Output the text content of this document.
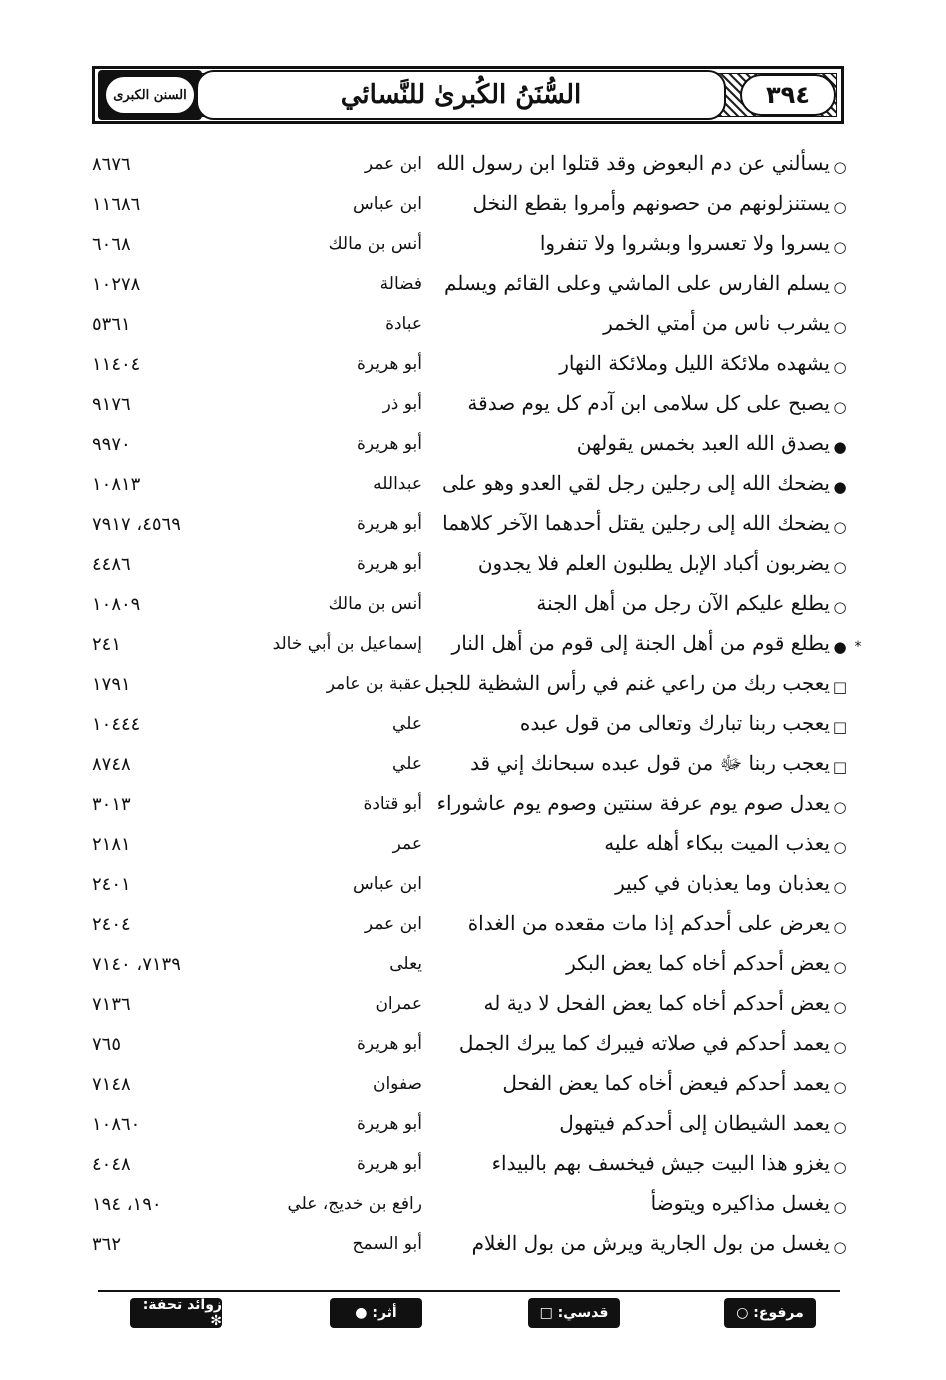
السنن الكبرى	السُّنَنُ الكُبرىٰ للنَّسائي	٣٩٤
○
يسألني عن دم البعوض وقد قتلوا ابن رسول الله
ابن عمر
٨٦٧٦
○
يستنزلونهم من حصونهم وأمروا بقطع النخل
ابن عباس
١١٦٨٦
○
يسروا ولا تعسروا وبشروا ولا تنفروا
أنس بن مالك
٦٠٦٨
○
يسلم الفارس على الماشي وعلى القائم ويسلم
فضالة
١٠٢٧٨
○
يشرب ناس من أمتي الخمر
عبادة
٥٣٦١
○
يشهده ملائكة الليل وملائكة النهار
أبو هريرة
١١٤٠٤
○
يصبح على كل سلامى ابن آدم كل يوم صدقة
أبو ذر
٩١٧٦
●
يصدق الله العبد بخمس يقولهن
أبو هريرة
٩٩٧٠
●
يضحك الله إلى رجلين رجل لقي العدو وهو على
عبدالله
١٠٨١٣
○
يضحك الله إلى رجلين يقتل أحدهما الآخر كلاهما
أبو هريرة
٤٥٦٩، ٧٩١٧
○
يضربون أكباد الإبل يطلبون العلم فلا يجدون
أبو هريرة
٤٤٨٦
○
يطلع عليكم الآن رجل من أهل الجنة
أنس بن مالك
١٠٨٠٩
*
●
يطلع قوم من أهل الجنة إلى قوم من أهل النار
إسماعيل بن أبي خالد
٢٤١
□
يعجب ربك من راعي غنم في رأس الشظية للجبل
عقبة بن عامر
١٧٩١
□
يعجب ربنا تبارك وتعالى من قول عبده
علي
١٠٤٤٤
□
يعجب ربنا ﷻ من قول عبده سبحانك إني قد
علي
٨٧٤٨
○
يعدل صوم يوم عرفة سنتين وصوم يوم عاشوراء
أبو قتادة
٣٠١٣
○
يعذب الميت ببكاء أهله عليه
عمر
٢١٨١
○
يعذبان وما يعذبان في كبير
ابن عباس
٢٤٠١
○
يعرض على أحدكم إذا مات مقعده من الغداة
ابن عمر
٢٤٠٤
○
يعض أحدكم أخاه كما يعض البكر
يعلى
٧١٣٩، ٧١٤٠
○
يعض أحدكم أخاه كما يعض الفحل لا دية له
عمران
٧١٣٦
○
يعمد أحدكم في صلاته فيبرك كما يبرك الجمل
أبو هريرة
٧٦٥
○
يعمد أحدكم فيعض أخاه كما يعض الفحل
صفوان
٧١٤٨
○
يعمد الشيطان إلى أحدكم فيتهول
أبو هريرة
١٠٨٦٠
○
يغزو هذا البيت جيش فيخسف بهم بالبيداء
أبو هريرة
٤٠٤٨
○
يغسل مذاكيره ويتوضأ
رافع بن خديج، علي
١٩٠، ١٩٤
○
يغسل من بول الجارية ويرش من بول الغلام
أبو السمح
٣٦٢
مرفوع: ○
قدسي: □
أثر: ●
زوائد تحفة: ✻
